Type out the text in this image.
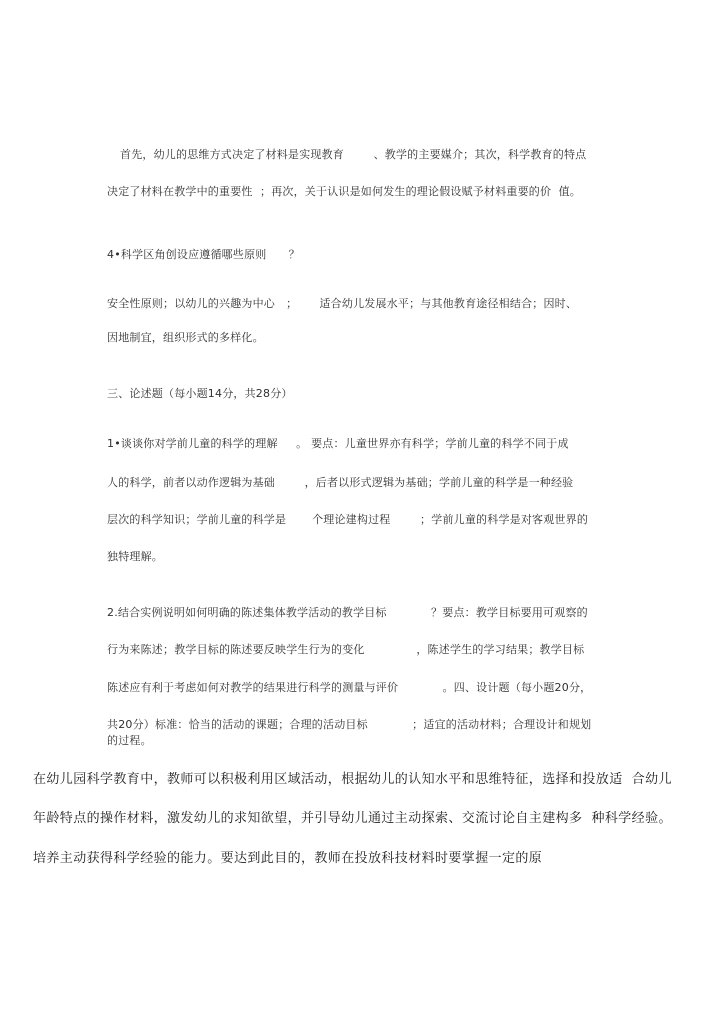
首先，幼儿的思维方式决定了材料是实现教育        、教学的主要媒介；其次，科学教育的特点
决定了材料在教学中的重要性  ；再次，关于认识是如何发生的理论假设赋予材料重要的价  值。
4•科学区角创设应遵循哪些原则      ？
安全性原则；以幼儿的兴趣为中心   ；      适合幼儿发展水平；与其他教育途径相结合；因时、
因地制宜，组织形式的多样化。
三、论述题（每小题14分，共28分）
1•谈谈你对学前儿童的科学的理解     。 要点：儿童世界亦有科学；学前儿童的科学不同于成
人的科学，前者以动作逻辑为基础        ，后者以形式逻辑为基础；学前儿童的科学是一种经验
层次的科学知识；学前儿童的科学是       个理论建构过程        ；学前儿童的科学是对客观世界的
独特理解。
2.结合实例说明如何明确的陈述集体教学活动的教学目标            ？要点：教学目标要用可观察的
行为来陈述；教学目标的陈述要反映学生行为的变化              ，陈述学生的学习结果；教学目标
陈述应有利于考虑如何对教学的结果进行科学的测量与评价            。四、设计题（每小题20分，
共20分）标准：恰当的活动的课题；合理的活动目标            ；适宜的活动材料；合理设计和规划
的过程。
在幼儿园科学教育中，教师可以积极利用区域活动，根据幼儿的认知水平和思维特征，选择和投放适  合幼儿
年龄特点的操作材料，激发幼儿的求知欲望，并引导幼儿通过主动探索、交流讨论自主建构多  种科学经验。
培养主动获得科学经验的能力。要达到此目的，教师在投放科技材料时要掌握一定的原
